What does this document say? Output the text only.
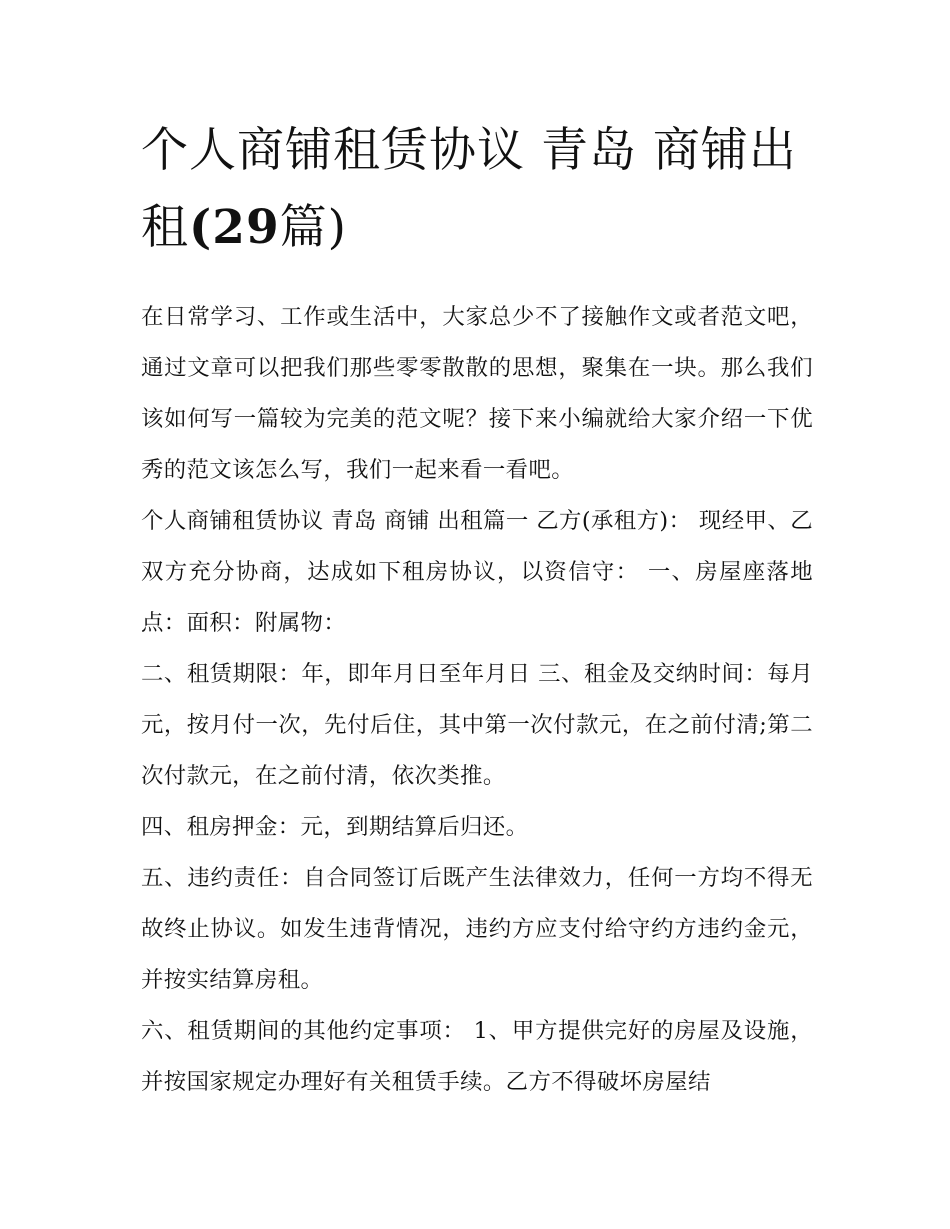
个人商铺租赁协议 青岛 商铺出租(29篇)

在日常学习、工作或生活中，大家总少不了接触作文或者范文吧，通过文章可以把我们那些零零散散的思想，聚集在一块。那么我们该如何写一篇较为完美的范文呢？接下来小编就给大家介绍一下优秀的范文该怎么写，我们一起来看一看吧。

个人商铺租赁协议 青岛 商铺 出租篇一 乙方(承租方)： 现经甲、乙双方充分协商，达成如下租房协议，以资信守： 一、房屋座落地点：面积：附属物：

二、租赁期限：年，即年月日至年月日 三、租金及交纳时间：每月元，按月付一次，先付后住，其中第一次付款元，在之前付清;第二次付款元，在之前付清，依次类推。

四、租房押金：元，到期结算后归还。

五、违约责任：自合同签订后既产生法律效力，任何一方均不得无故终止协议。如发生违背情况，违约方应支付给守约方违约金元，并按实结算房租。

六、租赁期间的其他约定事项： 1、甲方提供完好的房屋及设施，并按国家规定办理好有关租赁手续。乙方不得破坏房屋结
